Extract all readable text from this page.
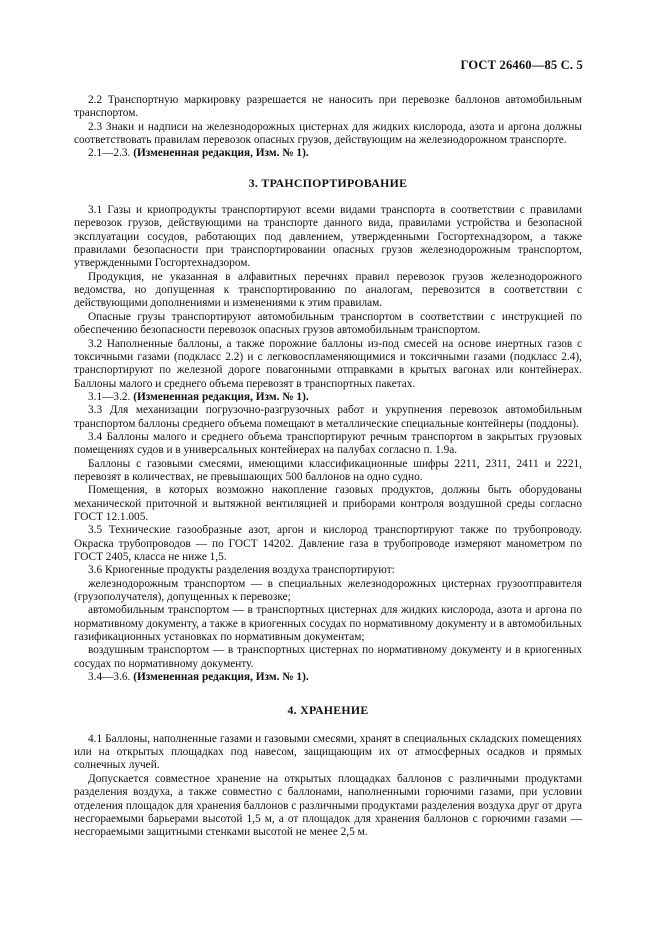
ГОСТ 26460—85 С. 5

2.2 Транспортную маркировку разрешается не наносить при перевозке баллонов автомобильным транспортом.

2.3 Знаки и надписи на железнодорожных цистернах для жидких кислорода, азота и аргона должны соответствовать правилам перевозок опасных грузов, действующим на железнодорожном транспорте.

2.1—2.3. (Измененная редакция, Изм. № 1).

3. ТРАНСПОРТИРОВАНИЕ

3.1 Газы и криопродукты транспортируют всеми видами транспорта в соответствии с правилами перевозок грузов, действующими на транспорте данного вида, правилами устройства и безопасной эксплуатации сосудов, работающих под давлением, утвержденными Госгортехнадзором, а также правилами безопасности при транспортировании опасных грузов железнодорожным транспортом, утвержденными Госгортехнадзором.

Продукция, не указанная в алфавитных перечнях правил перевозок грузов железнодорожного ведомства, но допущенная к транспортированию по аналогам, перевозится в соответствии с действующими дополнениями и изменениями к этим правилам.

Опасные грузы транспортируют автомобильным транспортом в соответствии с инструкцией по обеспечению безопасности перевозок опасных грузов автомобильным транспортом.

3.2 Наполненные баллоны, а также порожние баллоны из-под смесей на основе инертных газов с токсичными газами (подкласс 2.2) и с легковоспламеняющимися и токсичными газами (подкласс 2.4), транспортируют по железной дороге повагонными отправками в крытых вагонах или контейнерах. Баллоны малого и среднего объема перевозят в транспортных пакетах.

3.1—3.2. (Измененная редакция, Изм. № 1).

3.3 Для механизации погрузочно-разгрузочных работ и укрупнения перевозок автомобильным транспортом баллоны среднего объема помещают в металлические специальные контейнеры (поддоны).

3.4 Баллоны малого и среднего объема транспортируют речным транспортом в закрытых грузовых помещениях судов и в универсальных контейнерах на палубах согласно п. 1.9а.

Баллоны с газовыми смесями, имеющими классификационные шифры 2211, 2311, 2411 и 2221, перевозят в количествах, не превышающих 500 баллонов на одно судно.

Помещения, в которых возможно накопление газовых продуктов, должны быть оборудованы механической приточной и вытяжной вентиляцией и приборами контроля воздушной среды согласно ГОСТ 12.1.005.

3.5 Технические газообразные азот, аргон и кислород транспортируют также по трубопроводу. Окраска трубопроводов — по ГОСТ 14202. Давление газа в трубопроводе измеряют манометром по ГОСТ 2405, класса не ниже 1,5.

3.6 Криогенные продукты разделения воздуха транспортируют:

железнодорожным транспортом — в специальных железнодорожных цистернах грузоотправителя (грузополучателя), допущенных к перевозке;

автомобильным транспортом — в транспортных цистернах для жидких кислорода, азота и аргона по нормативному документу, а также в криогенных сосудах по нормативному документу и в автомобильных газификационных установках по нормативным документам;

воздушным транспортом — в транспортных цистернах по нормативному документу и в криогенных сосудах по нормативному документу.

3.4—3.6. (Измененная редакция, Изм. № 1).

4. ХРАНЕНИЕ

4.1 Баллоны, наполненные газами и газовыми смесями, хранят в специальных складских помещениях или на открытых площадках под навесом, защищающим их от атмосферных осадков и прямых солнечных лучей.

Допускается совместное хранение на открытых площадках баллонов с различными продуктами разделения воздуха, а также совместно с баллонами, наполненными горючими газами, при условии отделения площадок для хранения баллонов с различными продуктами разделения воздуха друг от друга несгораемыми барьерами высотой 1,5 м, а от площадок для хранения баллонов с горючими газами — несгораемыми защитными стенками высотой не менее 2,5 м.
